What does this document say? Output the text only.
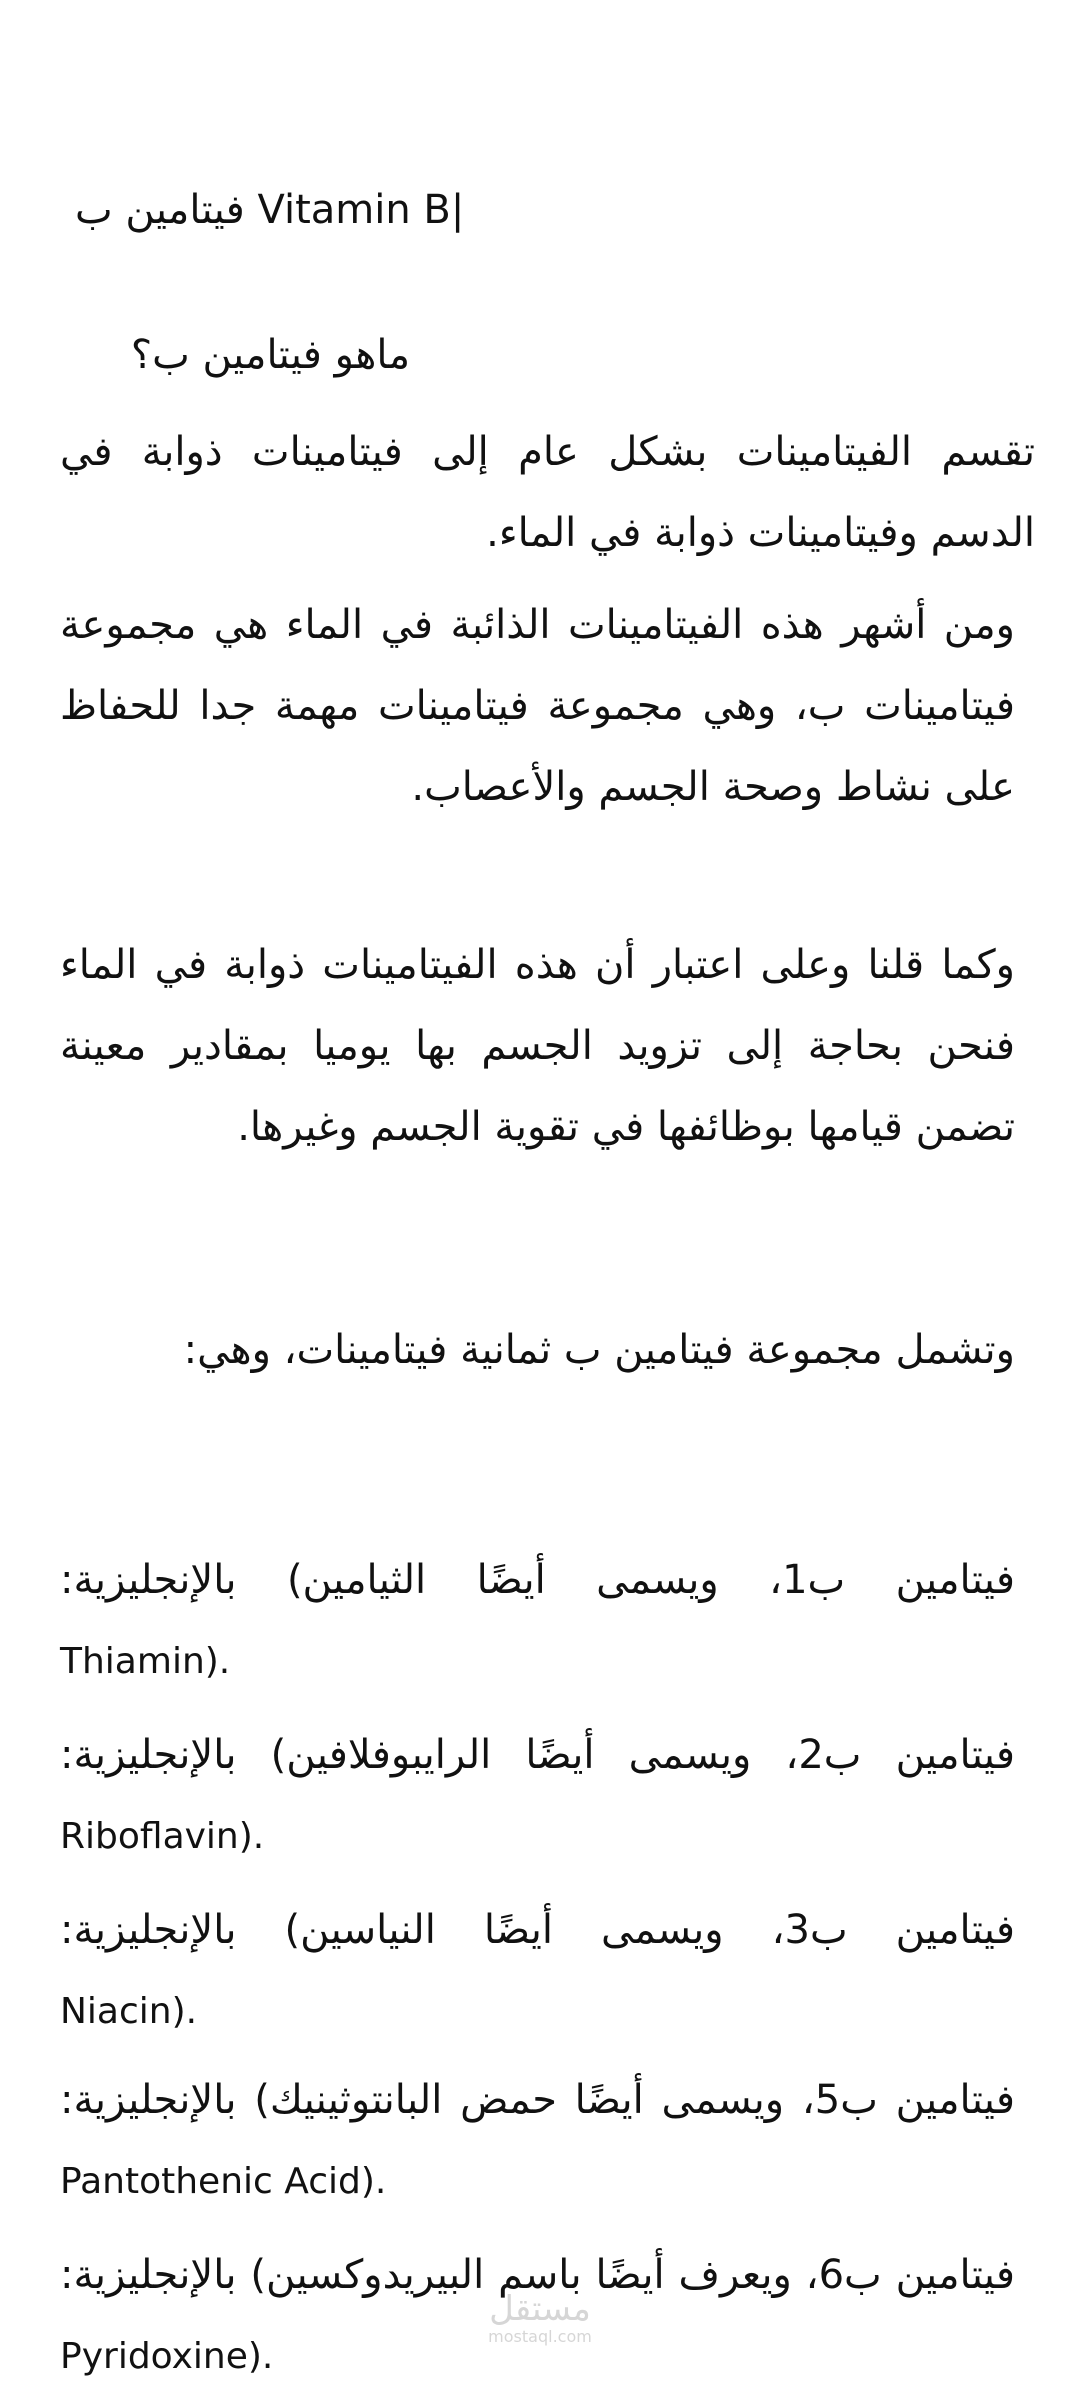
فيتامين ب Vitamin B|
ماهو فيتامين ب؟

تقسم الفيتامينات بشكل عام إلى فيتامينات ذوابة في الدسم وفيتامينات ذوابة في الماء.

ومن أشهر هذه الفيتامينات الذائبة في الماء هي مجموعة فيتامينات ب، وهي مجموعة فيتامينات مهمة جدا للحفاظ على نشاط وصحة الجسم والأعصاب.

وكما قلنا وعلى اعتبار أن هذه الفيتامينات ذوابة في الماء فنحن بحاجة إلى تزويد الجسم بها يوميا بمقادير معينة تضمن قيامها بوظائفها في تقوية الجسم وغيرها.

وتشمل مجموعة فيتامين ب ثمانية فيتامينات، وهي:

فيتامين ب1، ويسمى أيضًا الثيامين) بالإنجليزية:
Thiamin).
فيتامين ب2، ويسمى أيضًا الرايبوفلافين) بالإنجليزية:
Riboflavin).
فيتامين ب3، ويسمى أيضًا النياسين) بالإنجليزية:
Niacin).
فيتامين ب5، ويسمى أيضًا حمض البانتوثينيك) بالإنجليزية:
Pantothenic Acid).
فيتامين ب6، ويعرف أيضًا باسم البيريدوكسين) بالإنجليزية:
Pyridoxine).
مستقل
mostaql.com
